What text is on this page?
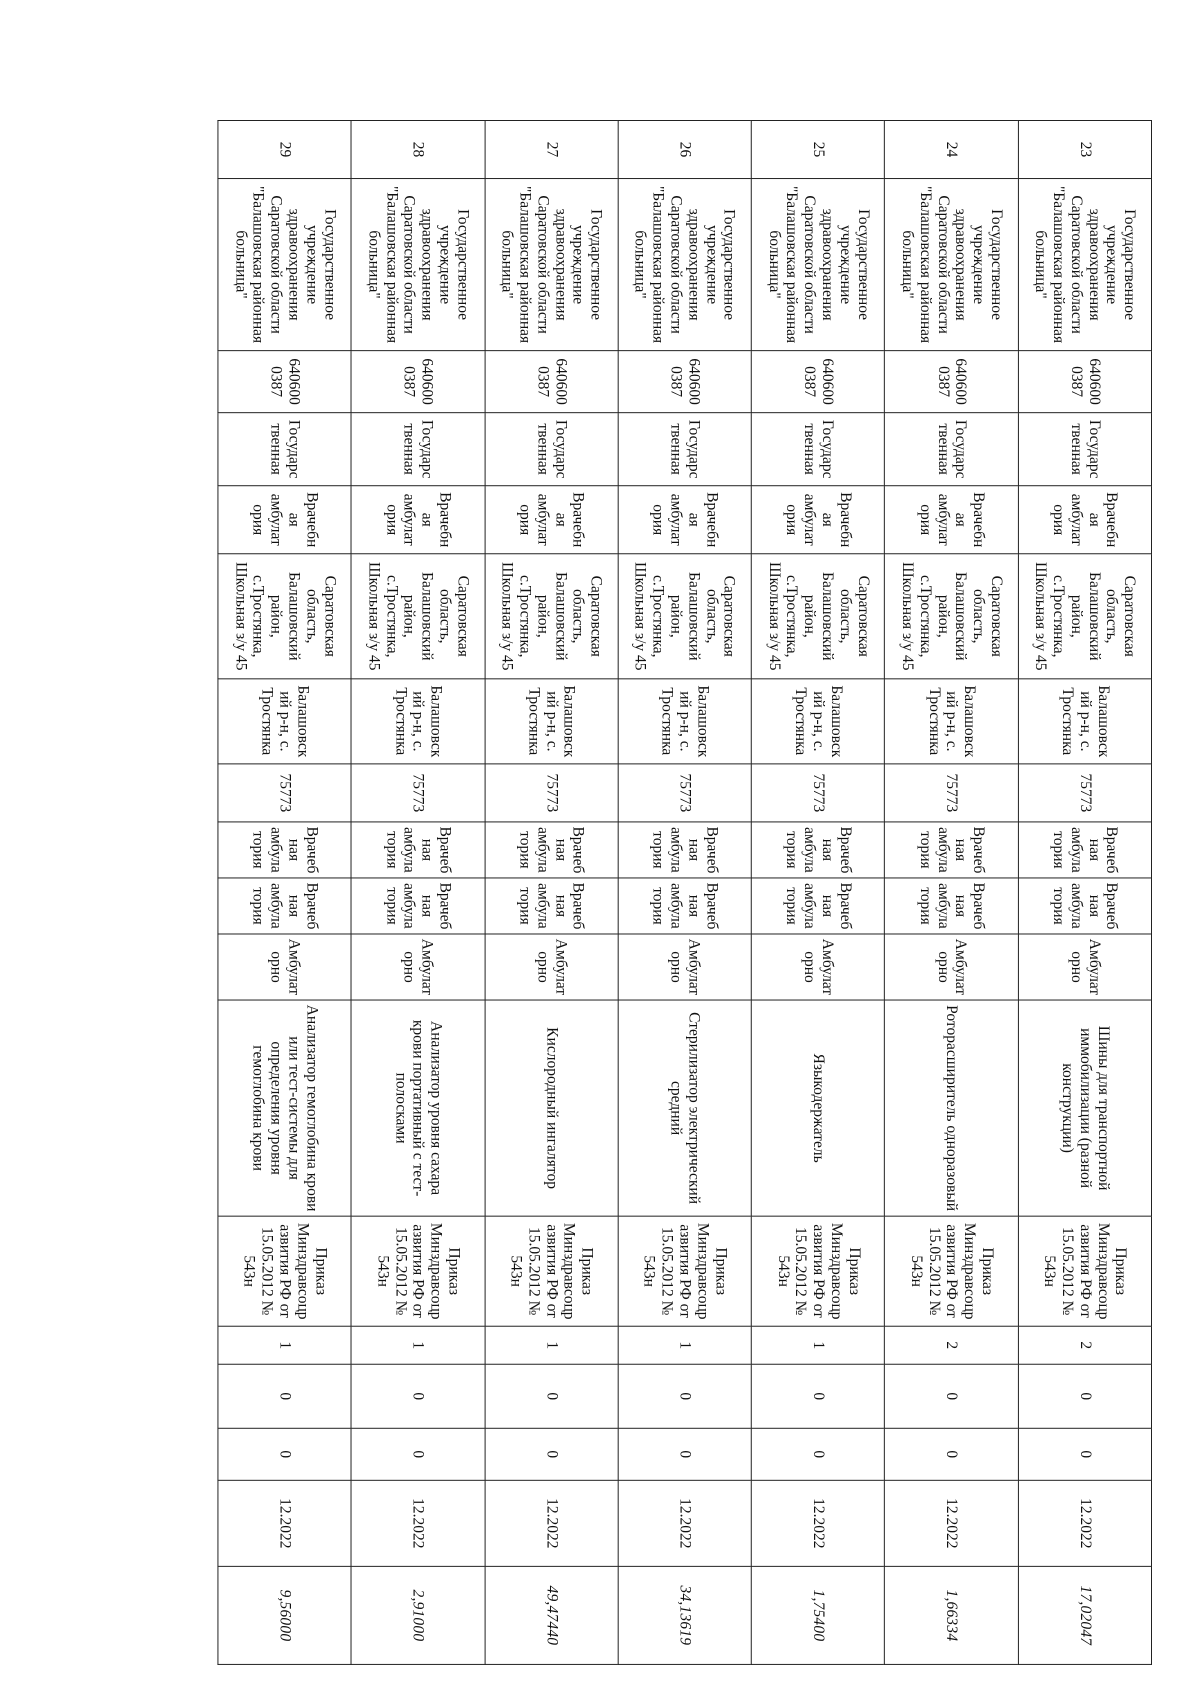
23	Государственное учреждение здравоохранения Саратовской области "Балашовская районная больница"	6406000387	Государственная	Врачебная амбулатория	Саратовская область, Балашовский район, с.Тростянка, Школьная з/у 45	Балашовский р-н, с. Тростянка	75773	Врачебная амбулатория	Врачебная амбулатория	Амбулаторно	Шины для транспортной иммобилизации (разной конструкции)	Приказ Минздравсоцразвития РФ от 15.05.2012 № 543н	2	0	0	12.2022	17,02047
24	Государственное учреждение здравоохранения Саратовской области "Балашовская районная больница"	6406000387	Государственная	Врачебная амбулатория	Саратовская область, Балашовский район, с.Тростянка, Школьная з/у 45	Балашовский р-н, с. Тростянка	75773	Врачебная амбулатория	Врачебная амбулатория	Амбулаторно	Роторасширитель одноразовый	Приказ Минздравсоцразвития РФ от 15.05.2012 № 543н	2	0	0	12.2022	1,66334
25	Государственное учреждение здравоохранения Саратовской области "Балашовская районная больница"	6406000387	Государственная	Врачебная амбулатория	Саратовская область, Балашовский район, с.Тростянка, Школьная з/у 45	Балашовский р-н, с. Тростянка	75773	Врачебная амбулатория	Врачебная амбулатория	Амбулаторно	Языкодержатель	Приказ Минздравсоцразвития РФ от 15.05.2012 № 543н	1	0	0	12.2022	1,75400
26	Государственное учреждение здравоохранения Саратовской области "Балашовская районная больница"	6406000387	Государственная	Врачебная амбулатория	Саратовская область, Балашовский район, с.Тростянка, Школьная з/у 45	Балашовский р-н, с. Тростянка	75773	Врачебная амбулатория	Врачебная амбулатория	Амбулаторно	Стерилизатор электрический средний	Приказ Минздравсоцразвития РФ от 15.05.2012 № 543н	1	0	0	12.2022	34,13619
27	Государственное учреждение здравоохранения Саратовской области "Балашовская районная больница"	6406000387	Государственная	Врачебная амбулатория	Саратовская область, Балашовский район, с.Тростянка, Школьная з/у 45	Балашовский р-н, с. Тростянка	75773	Врачебная амбулатория	Врачебная амбулатория	Амбулаторно	Кислородный ингалятор	Приказ Минздравсоцразвития РФ от 15.05.2012 № 543н	1	0	0	12.2022	49,47440
28	Государственное учреждение здравоохранения Саратовской области "Балашовская районная больница"	6406000387	Государственная	Врачебная амбулатория	Саратовская область, Балашовский район, с.Тростянка, Школьная з/у 45	Балашовский р-н, с. Тростянка	75773	Врачебная амбулатория	Врачебная амбулатория	Амбулаторно	Анализатор уровня сахара крови портативный с тест-полосками	Приказ Минздравсоцразвития РФ от 15.05.2012 № 543н	1	0	0	12.2022	2,91000
29	Государственное учреждение здравоохранения Саратовской области "Балашовская районная больница"	6406000387	Государственная	Врачебная амбулатория	Саратовская область, Балашовский район, с.Тростянка, Школьная з/у 45	Балашовский р-н, с. Тростянка	75773	Врачебная амбулатория	Врачебная амбулатория	Амбулаторно	Анализатор гемоглобина крови или тест-системы для определения уровня гемоглобина крови	Приказ Минздравсоцразвития РФ от 15.05.2012 № 543н	1	0	0	12.2022	9,56000
